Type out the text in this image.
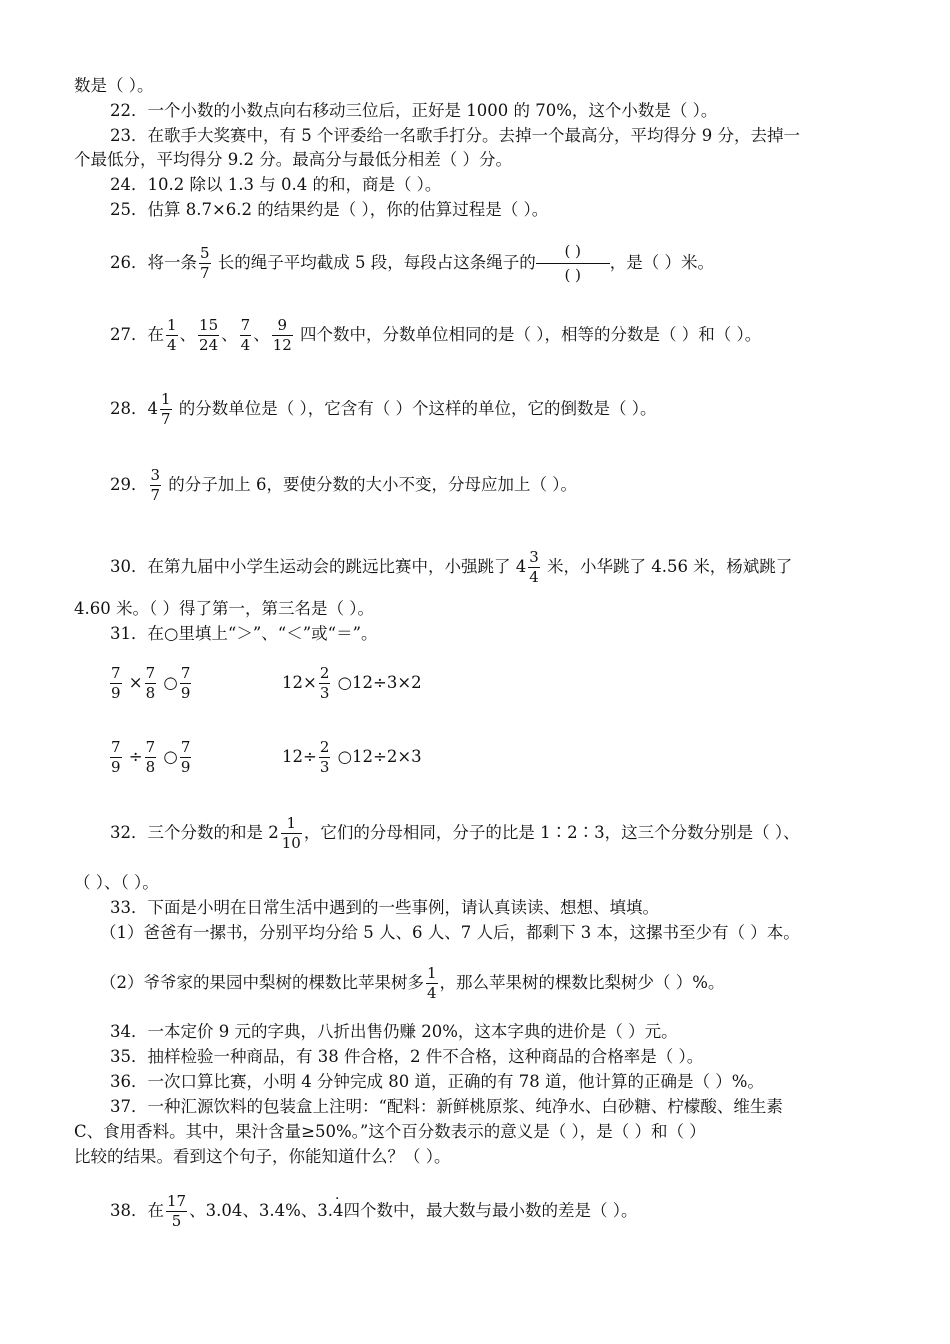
数是（ ）。
22．一个小数的小数点向右移动三位后，正好是 1000 的 70%，这个小数是（ ）。
23．在歌手大奖赛中，有 5 个评委给一名歌手打分。去掉一个最高分，平均得分 9 分，去掉一
个最低分，平均得分 9.2 分。最高分与最低分相差（ ）分。
24．10.2 除以 1.3 与 0.4 的和，商是（ ）。
25．估算 8.7×6.2 的结果约是（ ），你的估算过程是（ ）。
26．将一条 $\frac{5}{7}$ 长的绳子平均截成 5 段，每段占这条绳子的
( )
( )
，是（ ）米。
27．在 $\frac{1}{4}$ 、 $\frac{15}{24}$ 、 $\frac{7}{4}$ 、 $\frac{9}{12}$ 四个数中，分数单位相同的是（ ），相等的分数是（ ）和（ ）。
28．$4 \frac{1}{7}$ 的分数单位是（ ），它含有（ ）个这样的单位，它的倒数是（ ）。
29． $\frac{3}{7}$ 的分子加上 6，要使分数的大小不变，分母应加上（ ）。
30．在第九届中小学生运动会的跳远比赛中，小强跳了 $4 \frac{3}{4}$ 米，小华跳了 4.56 米，杨斌跳了
4.60 米。（ ）得了第一，第三名是（ ）。
31．在○里填上“＞”、“＜”或“＝”。
$\frac{7}{9} \times \frac{7}{8}$ ○ $\frac{7}{9}$	$12\times \frac{2}{3}$ ○12÷3×2
$\frac{7}{9} \div \frac{7}{8}$ ○ $\frac{7}{9}$	$12\div \frac{2}{3}$ ○12÷2×3
32．三个分数的和是 $2 \frac{1}{10}$ ，它们的分母相同，分子的比是 1∶2∶3，这三个分数分别是（ ）、
（ ）、（ ）。
33．下面是小明在日常生活中遇到的一些事例，请认真读读、想想、填填。
（1）爸爸有一摞书，分别平均分给 5 人、6 人、7 人后，都剩下 3 本，这摞书至少有（ ）本。
（2）爷爷家的果园中梨树的棵数比苹果树多 $\frac{1}{4}$ ，那么苹果树的棵数比梨树少（ ）%。
34．一本定价 9 元的字典，八折出售仍赚 20%，这本字典的进价是（ ）元。
35．抽样检验一种商品，有 38 件合格，2 件不合格，这种商品的合格率是（ ）。
36．一次口算比赛，小明 4 分钟完成 80 道，正确的有 78 道，他计算的正确是（ ）%。
37．一种汇源饮料的包装盒上注明：“配料：新鲜桃原浆、纯净水、白砂糖、柠檬酸、维生素
C、食用香料。其中，果汁含量≥50%。”这个百分数表示的意义是（ ），是（ ）和（ ）
比较的结果。看到这个句子，你能知道什么？（ ）。
38．在 $\frac{17}{5}$ 、3.04、3.4%、3.· 4四个数中，最大数与最小数的差是（ ）。
